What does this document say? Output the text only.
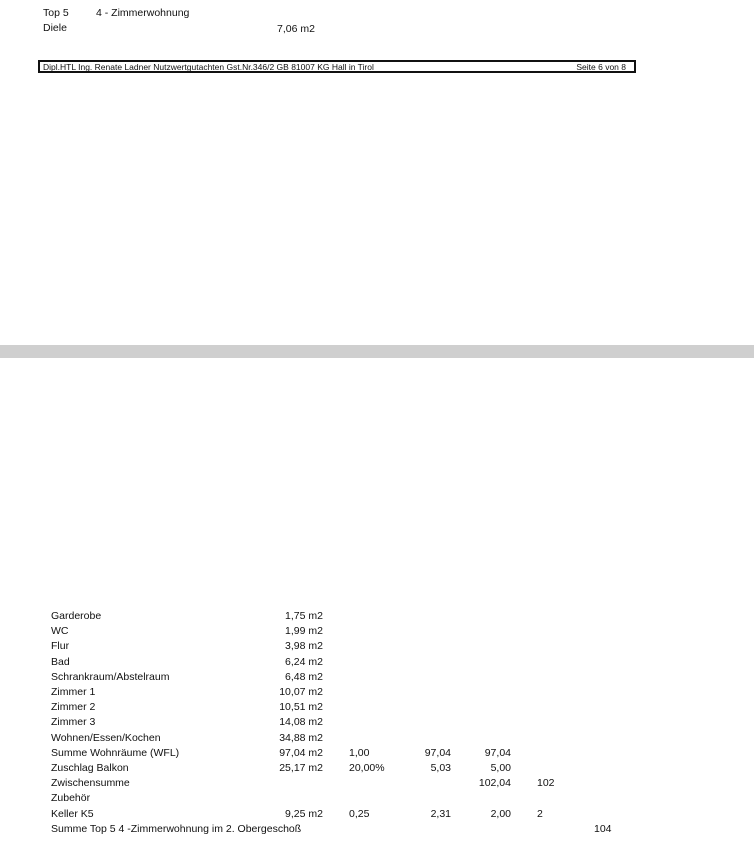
Top 5	4 - Zimmerwohnung
Diele	7,06 m2
Dipl.HTL Ing. Renate Ladner Nutzwertgutachten Gst.Nr.346/2 GB 81007 KG Hall in Tirol	Seite 6 von 8
Garderobe	1,75 m2
WC	1,99 m2
Flur	3,98 m2
Bad	6,24 m2
Schrankraum/Abstelraum	6,48 m2
Zimmer 1	10,07 m2
Zimmer 2	10,51 m2
Zimmer 3	14,08 m2
Wohnen/Essen/Kochen	34,88 m2
Summe Wohnräume (WFL)	97,04 m2 1,00	97,04	97,04
Zuschlag Balkon	25,17 m2 20,00%	5,03	5,00
Zwischensumme	102,04 102
Zubehör
Keller K5	9,25 m2 0,25	2,31	2,00 2
Summe Top 5 4 -Zimmerwohnung im 2. Obergeschoß	104
